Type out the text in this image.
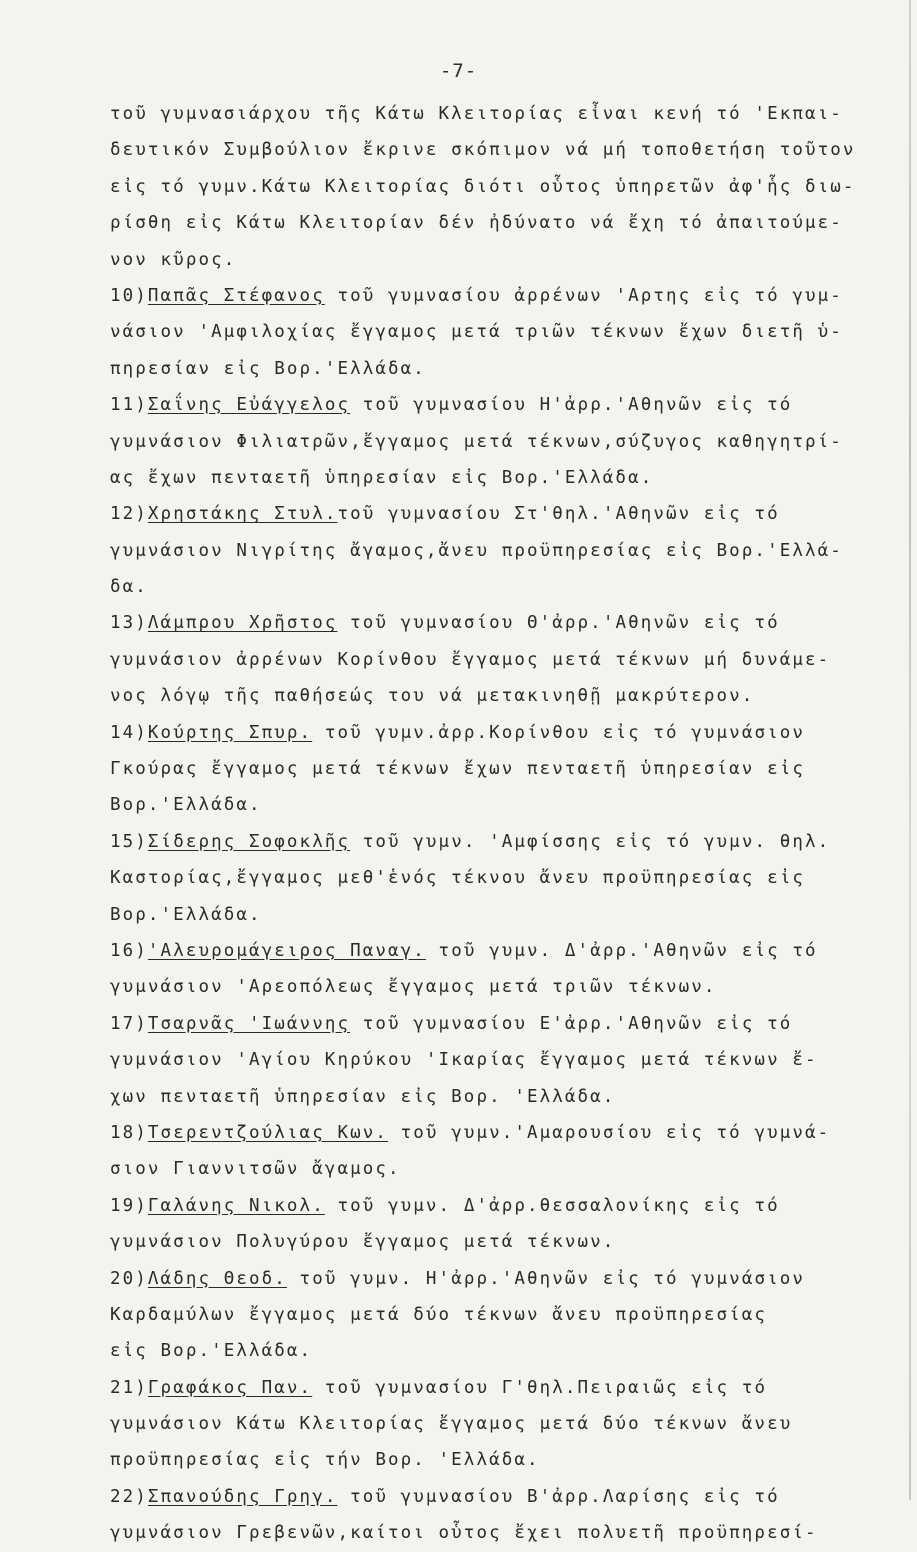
-7-
τοῦ γυμνασιάρχου τῆς Κάτω Κλειτορίας εἶναι κενή τό 'Εκπαι-
δευτικόν Συμβούλιον ἔκρινε σκόπιμον νά μή τοποθετήση τοῦτον
εἰς τό γυμν.Κάτω Κλειτορίας διότι οὗτος ὑπηρετῶν ἀφ'ἧς διω-
ρίσθη εἰς Κάτω Κλειτορίαν δέν ἠδύνατο νά ἔχη τό ἀπαιτούμε-
νον κῦρος.
10)Παπᾶς Στέφανος τοῦ γυμνασίου ἀρρένων 'Αρτης εἰς τό γυμ-
νάσιον 'Αμφιλοχίας ἔγγαμος μετά τριῶν τέκνων ἔχων διετῆ ὑ-
πηρεσίαν εἰς Βορ.'Ελλάδα.
11)Σαΐνης Εὐάγγελος τοῦ γυμνασίου Η'ἀρρ.'Αθηνῶν εἰς τό
γυμνάσιον Φιλιατρῶν,ἔγγαμος μετά τέκνων,σύζυγος καθηγητρί-
ας ἔχων πενταετῆ ὑπηρεσίαν εἰς Βορ.'Ελλάδα.
12)Χρηστάκης Στυλ.τοῦ γυμνασίου Στ'θηλ.'Αθηνῶν εἰς τό
γυμνάσιον Νιγρίτης ἄγαμος,ἄνευ προϋπηρεσίας εἰς Βορ.'Ελλά-
δα.
13)Λάμπρου Χρῆστος τοῦ γυμνασίου Θ'ἀρρ.'Αθηνῶν εἰς τό
γυμνάσιον ἀρρένων Κορίνθου ἔγγαμος μετά τέκνων μή δυνάμε-
νος λόγῳ τῆς παθήσεώς του νά μετακινηθῇ μακρύτερον.
14)Κούρτης Σπυρ. τοῦ γυμν.ἀρρ.Κορίνθου εἰς τό γυμνάσιον
Γκούρας ἔγγαμος μετά τέκνων ἔχων πενταετῆ ὑπηρεσίαν εἰς
Βορ.'Ελλάδα.
15)Σίδερης Σοφοκλῆς τοῦ γυμν. 'Αμφίσσης εἰς τό γυμν. θηλ.
Καστορίας,ἔγγαμος μεθ'ἑνός τέκνου ἄνευ προϋπηρεσίας εἰς
Βορ.'Ελλάδα.
16)'Αλευρομάγειρος Παναγ. τοῦ γυμν. Δ'ἀρρ.'Αθηνῶν εἰς τό
γυμνάσιον 'Αρεοπόλεως ἔγγαμος μετά τριῶν τέκνων.
17)Τσαρνᾶς 'Ιωάννης τοῦ γυμνασίου Ε'ἀρρ.'Αθηνῶν εἰς τό
γυμνάσιον 'Αγίου Κηρύκου 'Ικαρίας ἔγγαμος μετά τέκνων ἔ-
χων πενταετῆ ὑπηρεσίαν εἰς Βορ. 'Ελλάδα.
18)Τσερεντζούλιας Κων. τοῦ γυμν.'Αμαρουσίου εἰς τό γυμνά-
σιον Γιαννιτσῶν ἄγαμος.
19)Γαλάνης Νικολ. τοῦ γυμν. Δ'ἀρρ.θεσσαλονίκης εἰς τό
γυμνάσιον Πολυγύρου ἔγγαμος μετά τέκνων.
20)Λάδης Θεοδ. τοῦ γυμν. Η'ἀρρ.'Αθηνῶν εἰς τό γυμνάσιον
Καρδαμύλων ἔγγαμος μετά δύο τέκνων ἄνευ προϋπηρεσίας
εἰς Βορ.'Ελλάδα.
21)Γραφάκος Παν. τοῦ γυμνασίου Γ'θηλ.Πειραιῶς εἰς τό
γυμνάσιον Κάτω Κλειτορίας ἔγγαμος μετά δύο τέκνων ἄνευ
προϋπηρεσίας εἰς τήν Βορ. 'Ελλάδα.
22)Σπανούδης Γρηγ. τοῦ γυμνασίου Β'ἀρρ.Λαρίσης εἰς τό
γυμνάσιον Γρεβενῶν,καίτοι οὗτος ἔχει πολυετῆ προϋπηρεσί-
